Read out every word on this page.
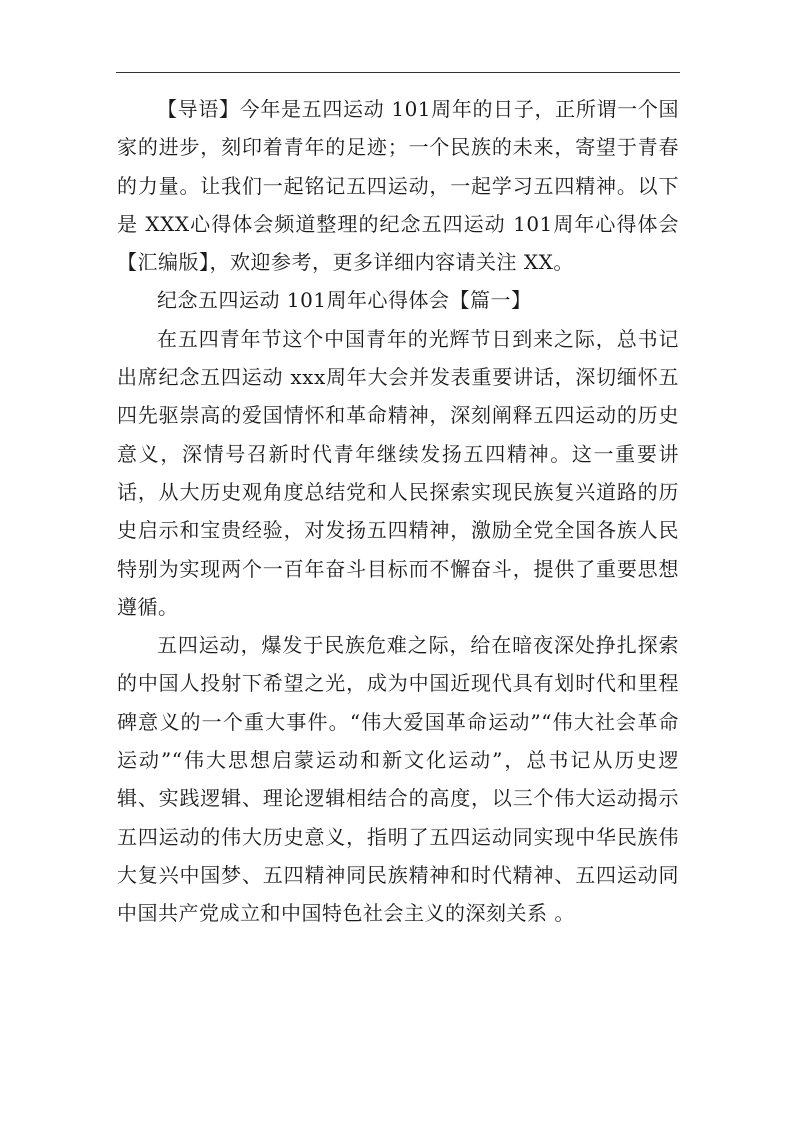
【导语】今年是五四运动 101周年的日子，正所谓一个国家的进步，刻印着青年的足迹；一个民族的未来，寄望于青春的力量。让我们一起铭记五四运动，一起学习五四精神。以下是 XXX心得体会频道整理的纪念五四运动 101周年心得体会【汇编版】，欢迎参考，更多详细内容请关注 XX。

纪念五四运动 101周年心得体会【篇一】

在五四青年节这个中国青年的光辉节日到来之际，总书记出席纪念五四运动 xxx周年大会并发表重要讲话，深切缅怀五四先驱崇高的爱国情怀和革命精神，深刻阐释五四运动的历史意义，深情号召新时代青年继续发扬五四精神。这一重要讲话，从大历史观角度总结党和人民探索实现民族复兴道路的历史启示和宝贵经验，对发扬五四精神，激励全党全国各族人民特别为实现两个一百年奋斗目标而不懈奋斗，提供了重要思想遵循。

五四运动，爆发于民族危难之际，给在暗夜深处挣扎探索的中国人投射下希望之光，成为中国近现代具有划时代和里程碑意义的一个重大事件。“伟大爱国革命运动”“伟大社会革命运动”“伟大思想启蒙运动和新文化运动”，总书记从历史逻辑、实践逻辑、理论逻辑相结合的高度，以三个伟大运动揭示五四运动的伟大历史意义，指明了五四运动同实现中华民族伟大复兴中国梦、五四精神同民族精神和时代精神、五四运动同中国共产党成立和中国特色社会主义的深刻关系 。
